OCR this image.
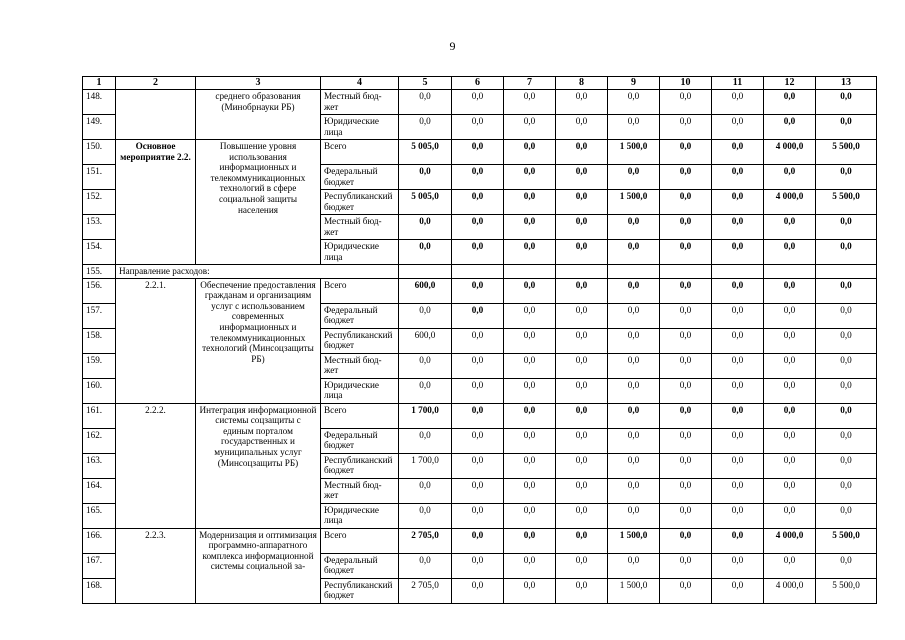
9
1	2	3	4	5	6	7	8	9	10	11	12	13
148.		среднего образования (Минобрнауки РБ)	Местный бюд-жет	0,0	0,0	0,0	0,0	0,0	0,0	0,0	0,0	0,0
149.			Юридические лица	0,0	0,0	0,0	0,0	0,0	0,0	0,0	0,0	0,0
150.	Основное мероприятие 2.2.	Повышение уровня использования информационных и телекоммуникационных технологий в сфере социальной защиты населения	Всего	5 005,0	0,0	0,0	0,0	1 500,0	0,0	0,0	4 000,0	5 500,0
151.			Федеральный бюджет	0,0	0,0	0,0	0,0	0,0	0,0	0,0	0,0	0,0
152.			Республиканский бюджет	5 005,0	0,0	0,0	0,0	1 500,0	0,0	0,0	4 000,0	5 500,0
153.			Местный бюд-жет	0,0	0,0	0,0	0,0	0,0	0,0	0,0	0,0	0,0
154.			Юридические лица	0,0	0,0	0,0	0,0	0,0	0,0	0,0	0,0	0,0
155.	Направление расходов:											
156.	2.2.1.	Обеспечение предоставления гражданам и организациям услуг с использованием современных информационных и телекоммуникационных технологий (Минсоцзащиты РБ)	Всего	600,0	0,0	0,0	0,0	0,0	0,0	0,0	0,0	0,0
157.			Федеральный бюджет	0,0	0,0	0,0	0,0	0,0	0,0	0,0	0,0	0,0
158.			Республиканский бюджет	600,0	0,0	0,0	0,0	0,0	0,0	0,0	0,0	0,0
159.			Местный бюд-жет	0,0	0,0	0,0	0,0	0,0	0,0	0,0	0,0	0,0
160.			Юридические лица	0,0	0,0	0,0	0,0	0,0	0,0	0,0	0,0	0,0
161.	2.2.2.	Интеграция информационной системы соцзащиты с единым порталом государственных и муниципальных услуг (Минсоцзащиты РБ)	Всего	1 700,0	0,0	0,0	0,0	0,0	0,0	0,0	0,0	0,0
162.			Федеральный бюджет	0,0	0,0	0,0	0,0	0,0	0,0	0,0	0,0	0,0
163.			Республиканский бюджет	1 700,0	0,0	0,0	0,0	0,0	0,0	0,0	0,0	0,0
164.			Местный бюд-жет	0,0	0,0	0,0	0,0	0,0	0,0	0,0	0,0	0,0
165.			Юридические лица	0,0	0,0	0,0	0,0	0,0	0,0	0,0	0,0	0,0
166.	2.2.3.	Модернизация и оптимизация программно-аппаратного комплекса информационной системы социальной за-	Всего	2 705,0	0,0	0,0	0,0	1 500,0	0,0	0,0	4 000,0	5 500,0
167.			Федеральный бюджет	0,0	0,0	0,0	0,0	0,0	0,0	0,0	0,0	0,0
168.			Республиканский бюджет	2 705,0	0,0	0,0	0,0	1 500,0	0,0	0,0	4 000,0	5 500,0
